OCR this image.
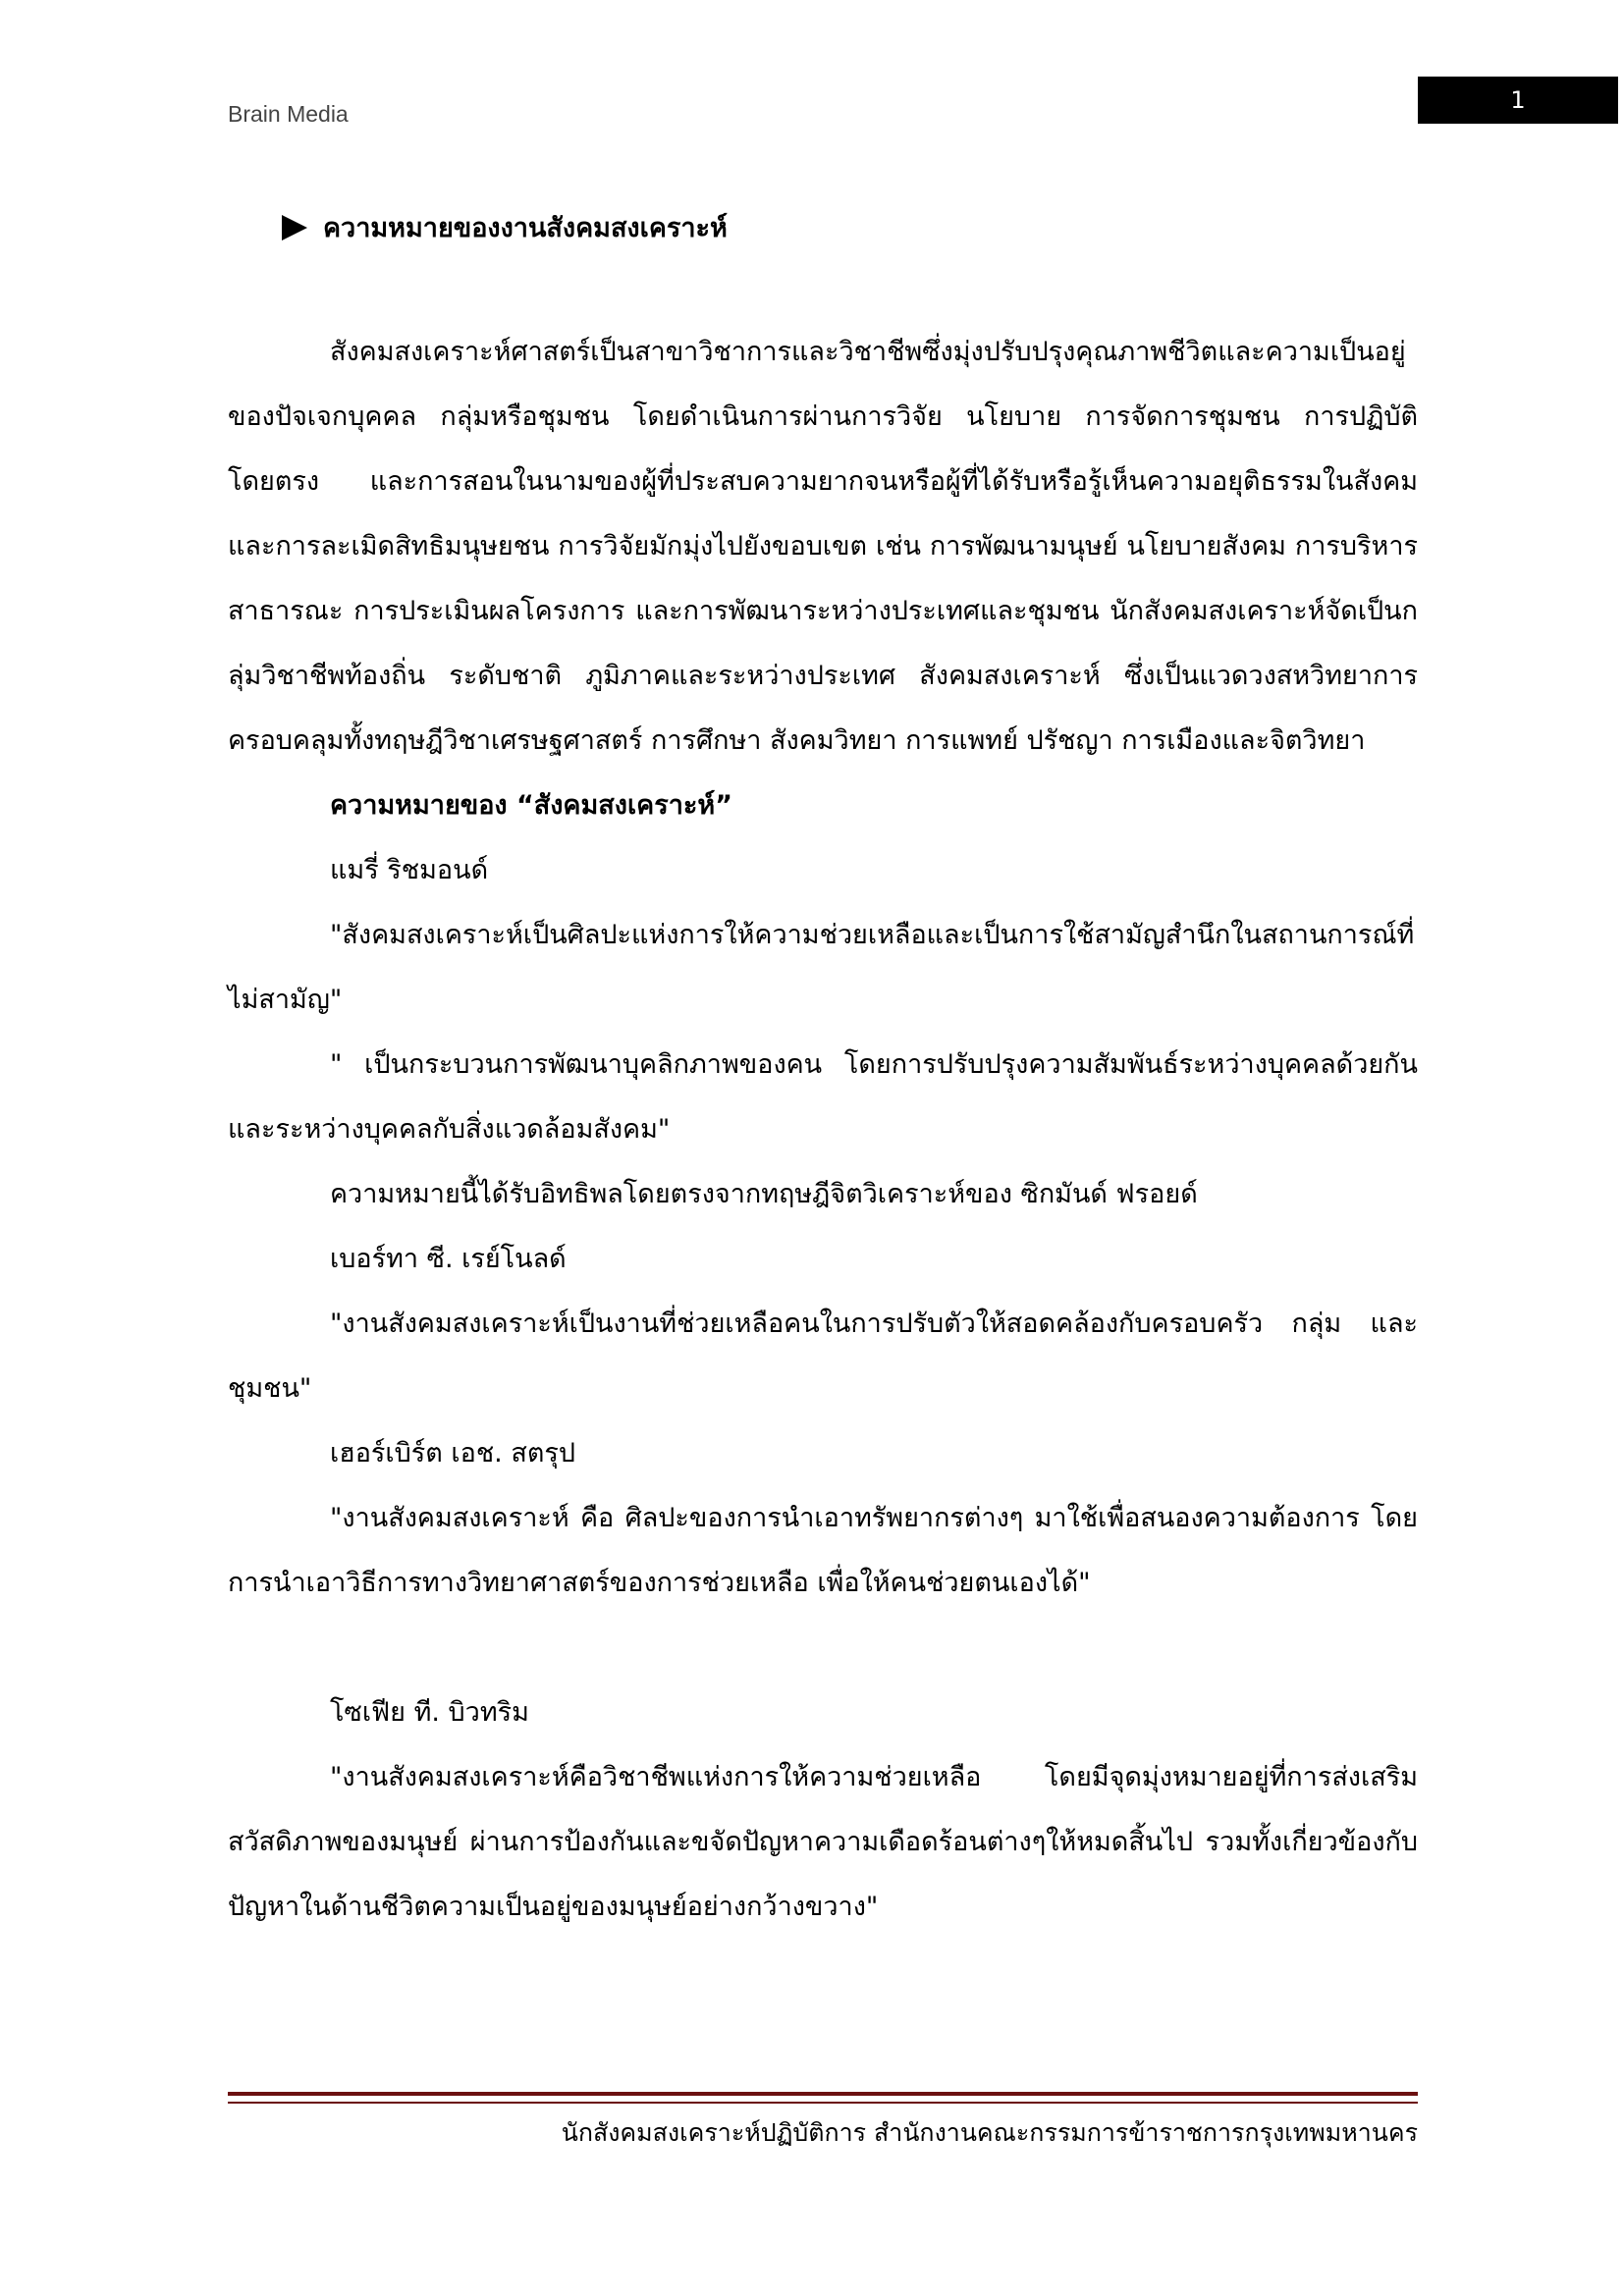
Brain Media	1
ความหมายของงานสังคมสงเคราะห์

สังคมสงเคราะห์ศาสตร์เป็นสาขาวิชาการและวิชาชีพซึ่งมุ่งปรับปรุงคุณภาพชีวิตและความเป็นอยู่ของปัจเจกบุคคล กลุ่มหรือชุมชน โดยดำเนินการผ่านการวิจัย นโยบาย การจัดการชุมชน การปฏิบัติโดยตรง และการสอนในนามของผู้ที่ประสบความยากจนหรือผู้ที่ได้รับหรือรู้เห็นความอยุติธรรมในสังคมและการละเมิดสิทธิมนุษยชน การวิจัยมักมุ่งไปยังขอบเขต เช่น การพัฒนามนุษย์ นโยบายสังคม การบริหารสาธารณะ การประเมินผลโครงการ และการพัฒนาระหว่างประเทศและชุมชน นักสังคมสงเคราะห์จัดเป็นกลุ่มวิชาชีพท้องถิ่น ระดับชาติ ภูมิภาคและระหว่างประเทศ สังคมสงเคราะห์ ซึ่งเป็นแวดวงสหวิทยาการ ครอบคลุมทั้งทฤษฎีวิชาเศรษฐศาสตร์ การศึกษา สังคมวิทยา การแพทย์ ปรัชญา การเมืองและจิตวิทยา

ความหมายของ “สังคมสงเคราะห์”

แมรี่ ริชมอนด์

"สังคมสงเคราะห์เป็นศิลปะแห่งการให้ความช่วยเหลือและเป็นการใช้สามัญสำนึกในสถานการณ์ที่ไม่สามัญ"

" เป็นกระบวนการพัฒนาบุคลิกภาพของคน โดยการปรับปรุงความสัมพันธ์ระหว่างบุคคลด้วยกันและระหว่างบุคคลกับสิ่งแวดล้อมสังคม"

ความหมายนี้ได้รับอิทธิพลโดยตรงจากทฤษฎีจิตวิเคราะห์ของ ซิกมันด์ ฟรอยด์

เบอร์ทา ซี. เรย์โนลด์

"งานสังคมสงเคราะห์เป็นงานที่ช่วยเหลือคนในการปรับตัวให้สอดคล้องกับครอบครัว กลุ่ม และชุมชน"

เฮอร์เบิร์ต เอช. สตรุป

"งานสังคมสงเคราะห์ คือ ศิลปะของการนำเอาทรัพยากรต่างๆ มาใช้เพื่อสนองความต้องการ โดยการนำเอาวิธีการทางวิทยาศาสตร์ของการช่วยเหลือ เพื่อให้คนช่วยตนเองได้"

โซเฟีย ที. บิวทริม

"งานสังคมสงเคราะห์คือวิชาชีพแห่งการให้ความช่วยเหลือ โดยมีจุดมุ่งหมายอยู่ที่การส่งเสริมสวัสดิภาพของมนุษย์ ผ่านการป้องกันและขจัดปัญหาความเดือดร้อนต่างๆให้หมดสิ้นไป รวมทั้งเกี่ยวข้องกับปัญหาในด้านชีวิตความเป็นอยู่ของมนุษย์อย่างกว้างขวาง"

นักสังคมสงเคราะห์ปฏิบัติการ สำนักงานคณะกรรมการข้าราชการกรุงเทพมหานคร
